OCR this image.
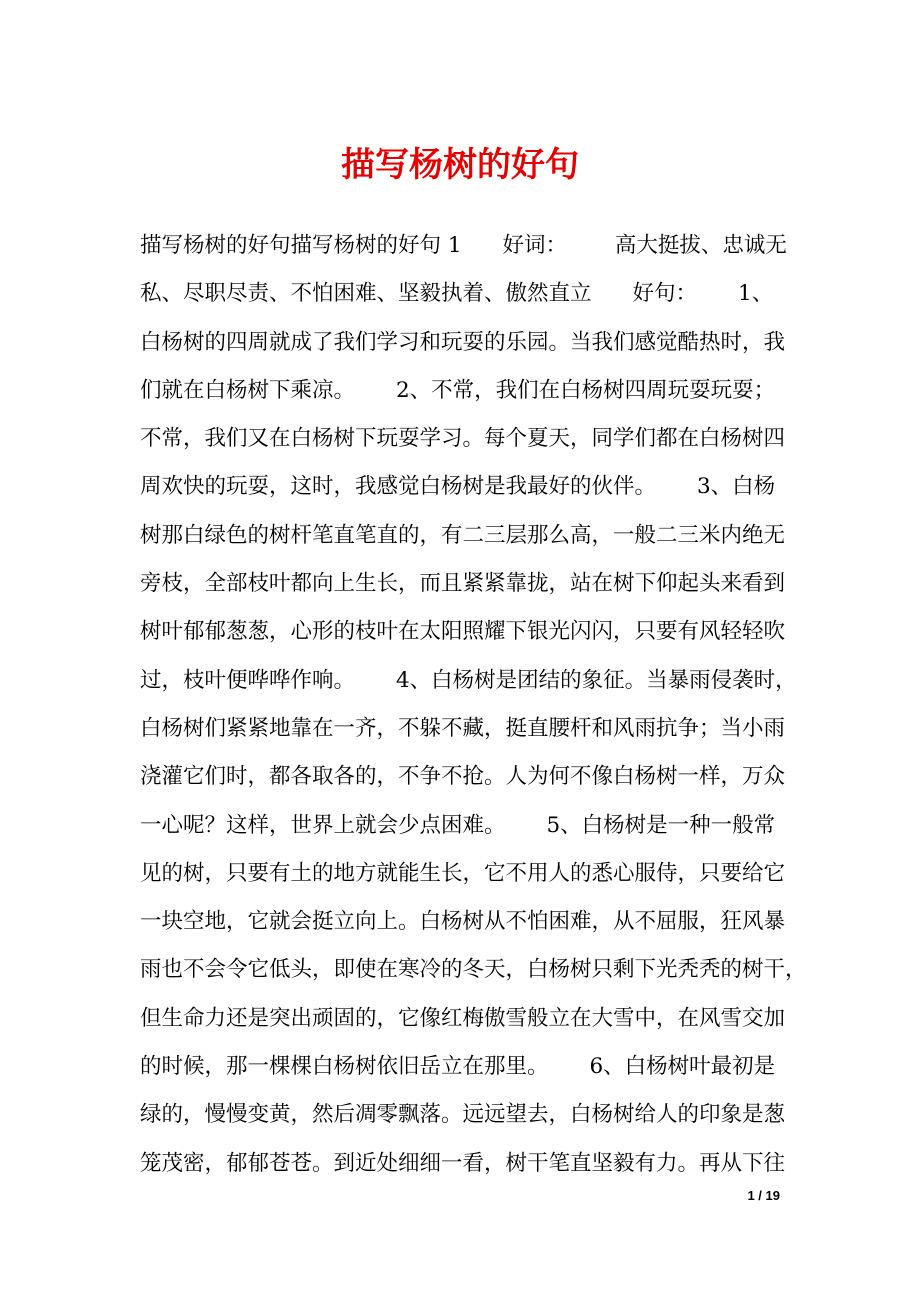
描写杨树的好句
描写杨树的好句描写杨树的好句 1      好词：       高大挺拔、忠诚无
私、尽职尽责、不怕困难、坚毅执着、傲然直立      好句：      1、
白杨树的四周就成了我们学习和玩耍的乐园。当我们感觉酷热时，我
们就在白杨树下乘凉。      2、不常，我们在白杨树四周玩耍玩耍；
不常，我们又在白杨树下玩耍学习。每个夏天，同学们都在白杨树四
周欢快的玩耍，这时，我感觉白杨树是我最好的伙伴。      3、白杨
树那白绿色的树杆笔直笔直的，有二三层那么高，一般二三米内绝无
旁枝，全部枝叶都向上生长，而且紧紧靠拢，站在树下仰起头来看到
树叶郁郁葱葱，心形的枝叶在太阳照耀下银光闪闪，只要有风轻轻吹
过，枝叶便哗哗作响。      4、白杨树是团结的象征。当暴雨侵袭时，
白杨树们紧紧地靠在一齐，不躲不藏，挺直腰杆和风雨抗争；当小雨
浇灌它们时，都各取各的，不争不抢。人为何不像白杨树一样，万众
一心呢？这样，世界上就会少点困难。      5、白杨树是一种一般常
见的树，只要有土的地方就能生长，它不用人的悉心服侍，只要给它
一块空地，它就会挺立向上。白杨树从不怕困难，从不屈服，狂风暴
雨也不会令它低头，即使在寒冷的冬天，白杨树只剩下光秃秃的树干，
但生命力还是突出顽固的，它像红梅傲雪般立在大雪中，在风雪交加
的时候，那一棵棵白杨树依旧岳立在那里。      6、白杨树叶最初是
绿的，慢慢变黄，然后凋零飘落。远远望去，白杨树给人的印象是葱
笼茂密，郁郁苍苍。到近处细细一看，树干笔直坚毅有力。再从下往
1 / 19
